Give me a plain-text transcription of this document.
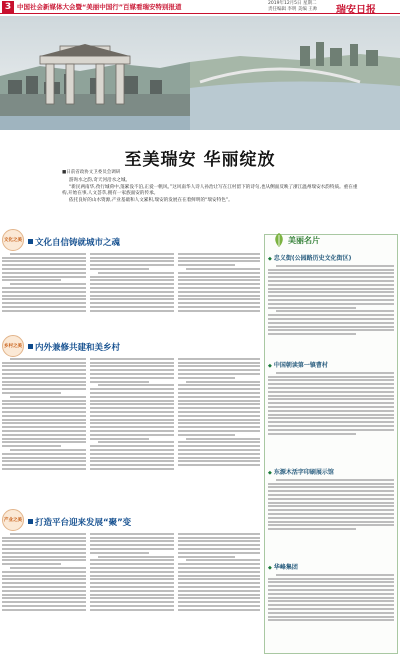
3 中国社会新媒体大会暨“美丽中国行”百媒看瑞安特别报道	2019年12月5日 星期二
责任编辑 李明 美编 王帅 瑞安日报
至美瑞安 华丽绽放
■日前省政协文卫委员会调研

游询水之韵,奇天河沿水之城。

“新民两南华,孜行城荷中,蓬累没不泊,正爱一帆风。”这风南华人诗人孙治让写在江村留下的诗句,也从侧面反映了浙江温州瑞安水韵特质。重在重构,开始在事,人文荟萃,拥有一家族面安的传承。

依托良好的山水资源,产业基础和人文累积,瑞安的发展在在着鲜明的“瑞安特色”。

文化之美	文化自信铸就城市之魂
乡村之美	内外兼修共建和美乡村
产业之美	打造平台迎来发展“聚”变
美丽名片
◆ 忠义街(公园路历史文化街区)
◆ 中国朝读第一镇曹村
◆ 东源木活字印刷展示馆
◆ 华峰集团
